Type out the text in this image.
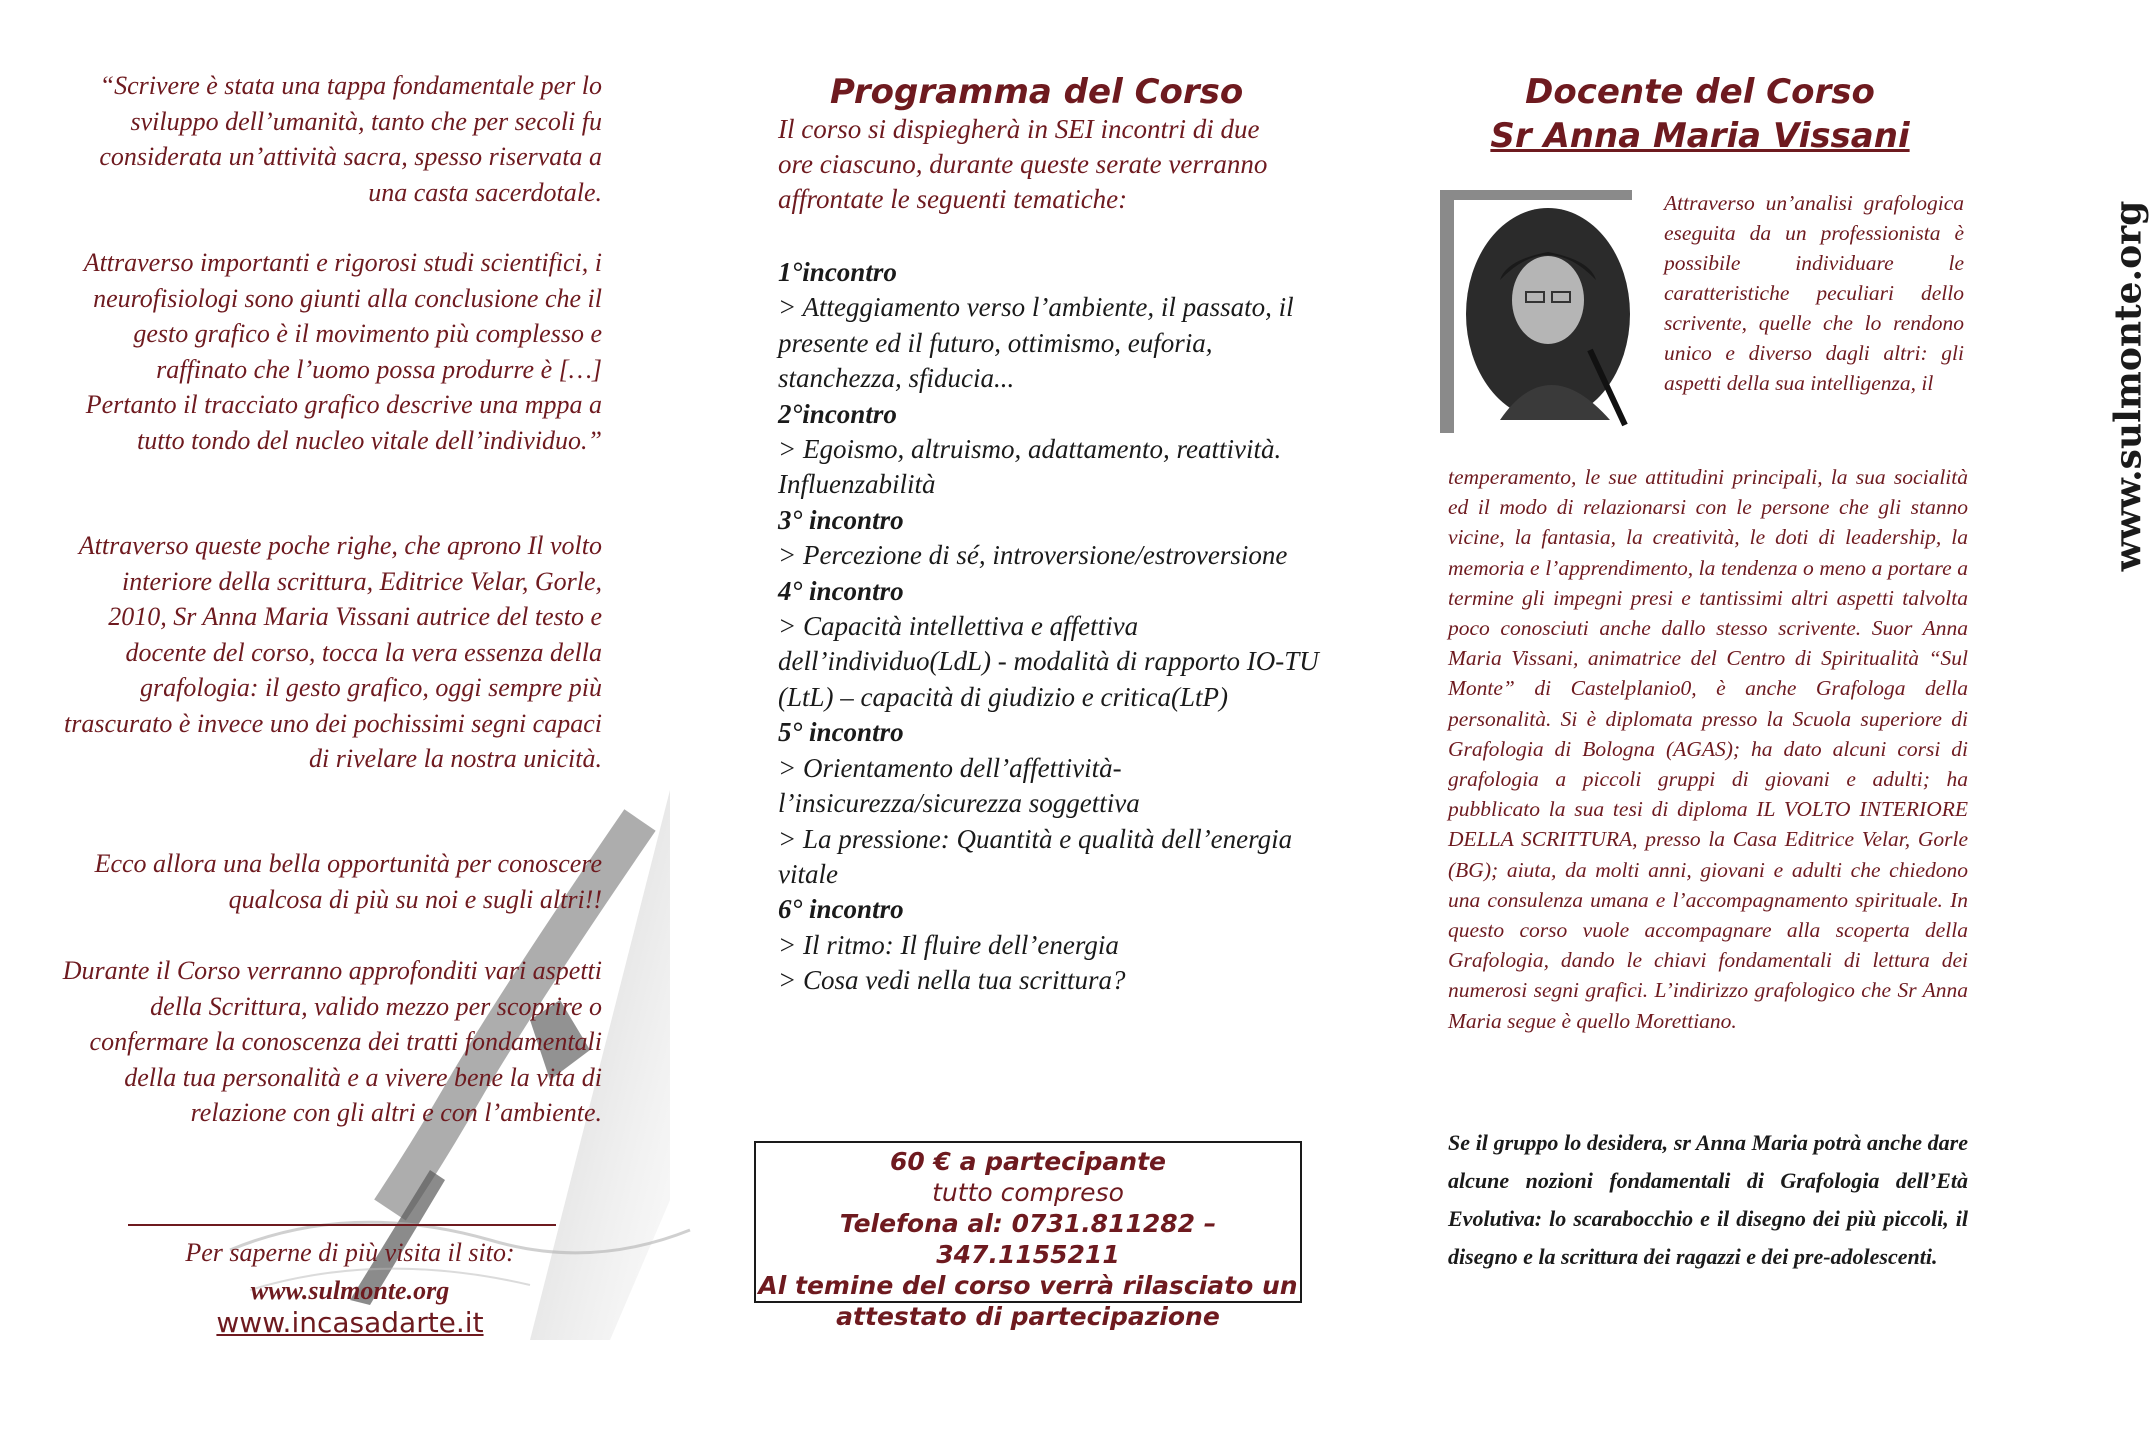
“Scrivere è stata una tappa fondamentale per lo sviluppo dell’umanità, tanto che per secoli fu considerata un’attività sacra, spesso riservata a una casta sacerdotale.

Attraverso importanti e rigorosi studi scientifici, i neurofisiologi sono giunti alla conclusione che il gesto grafico è il movimento più complesso e raffinato che l’uomo possa produrre è […] Pertanto il tracciato grafico descrive una mppa a tutto tondo del nucleo vitale dell’individuo.”

Attraverso queste poche righe, che aprono Il volto interiore della scrittura, Editrice Velar, Gorle, 2010, Sr Anna Maria Vissani autrice del testo e docente del corso, tocca la vera essenza della grafologia: il gesto grafico, oggi sempre più trascurato è invece uno dei pochissimi segni capaci di rivelare la nostra unicità.

Ecco allora una bella opportunità per conoscere qualcosa di più su noi e sugli altri!!

Durante il Corso verranno approfonditi vari aspetti della Scrittura, valido mezzo per scoprire o confermare la conoscenza dei tratti fondamentali della tua personalità e a vivere bene la vita di relazione con gli altri e con l’ambiente.

Per saperne di più visita il sito:
www.sulmonte.org
www.incasadarte.it
Programma del Corso

Il corso si dispiegherà in SEI incontri di due ore ciascuno, durante queste serate verranno affrontate le seguenti tematiche:

1°incontro
> Atteggiamento verso l’ambiente, il passato, il presente ed il futuro, ottimismo, euforia, stanchezza, sfiducia...
2°incontro
> Egoismo, altruismo, adattamento, reattività.
Influenzabilità
3° incontro
> Percezione di sé, introversione/estroversione
4° incontro
> Capacità intellettiva e affettiva dell’individuo(LdL) - modalità di rapporto IO-TU (LtL) – capacità di giudizio e critica(LtP)
5° incontro
> Orientamento dell’affettività- l’insicurezza/sicurezza soggettiva
> La pressione: Quantità e qualità dell’energia vitale
6° incontro
> Il ritmo: Il fluire dell’energia
> Cosa vedi nella tua scrittura?
60 € a partecipante
tutto compreso
Telefona al: 0731.811282 – 347.1155211
Al temine del corso verrà rilasciato un attestato di partecipazione
Docente del Corso
Sr Anna Maria Vissani

Attraverso un’analisi grafologica eseguita da un professionista è possibile individuare le caratteristiche peculiari dello scrivente, quelle che lo rendono unico e diverso dagli altri: gli aspetti della sua intelligenza, il

temperamento, le sue attitudini principali, la sua socialità ed il modo di relazionarsi con le persone che gli stanno vicine, la fantasia, la creatività, le doti di leadership, la memoria e l’apprendimento, la tendenza o meno a portare a termine gli impegni presi e tantissimi altri aspetti talvolta poco conosciuti anche dallo stesso scrivente. Suor Anna Maria Vissani, animatrice del Centro di Spiritualità “Sul Monte” di Castelplanio0, è anche Grafologa della personalità. Si è diplomata presso la Scuola superiore di Grafologia di Bologna (AGAS); ha dato alcuni corsi di grafologia a piccoli gruppi di giovani e adulti; ha pubblicato la sua tesi di diploma IL VOLTO INTERIORE DELLA SCRITTURA, presso la Casa Editrice Velar, Gorle (BG); aiuta, da molti anni, giovani e adulti che chiedono una consulenza umana e l’accompagnamento spirituale. In questo corso vuole accompagnare alla scoperta della Grafologia, dando le chiavi fondamentali di lettura dei numerosi segni grafici. L’indirizzo grafologico che Sr Anna Maria segue è quello Morettiano.

Se il gruppo lo desidera, sr Anna Maria potrà anche dare alcune nozioni fondamentali di Grafologia dell’Età Evolutiva: lo scarabocchio e il disegno dei più piccoli, il disegno e la scrittura dei ragazzi e dei pre-adolescenti.

www.sulmonte.org
